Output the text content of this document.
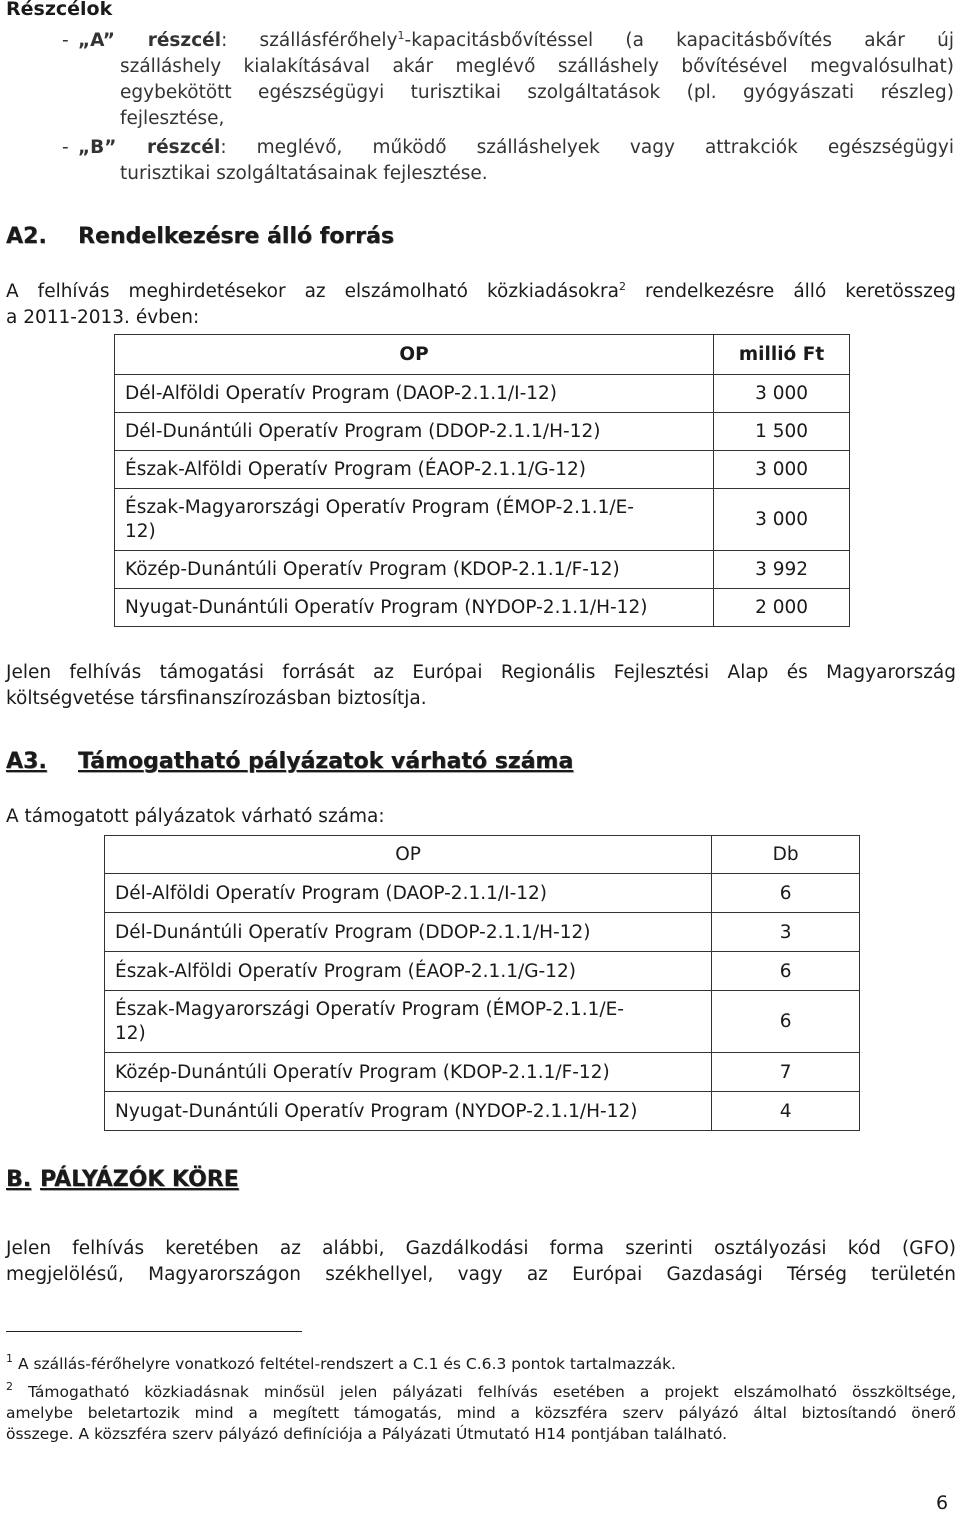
Részcélok
- „A” részcél: szállásférőhely$^1$-kapacitásbővítéssel (a kapacitásbővítés akár új
szálláshely kialakításával akár meglévő szálláshely bővítésével megvalósulhat)
egybekötött egészségügyi turisztikai szolgáltatások (pl. gyógyászati részleg)
fejlesztése,
- „B” részcél: meglévő, működő szálláshelyek vagy attrakciók egészségügyi
turisztikai szolgáltatásainak fejlesztése.
A2. Rendelkezésre álló forrás
A felhívás meghirdetésekor az elszámolható közkiadásokra$^2$ rendelkezésre álló keretösszeg
a 2011-2013. évben:
OP	millió Ft
Dél-Alföldi Operatív Program (DAOP-2.1.1/I-12)	3 000
Dél-Dunántúli Operatív Program (DDOP-2.1.1/H-12)	1 500
Észak-Alföldi Operatív Program (ÉAOP-2.1.1/G-12)	3 000
Észak-Magyarországi Operatív Program (ÉMOP-2.1.1/E-
12)	3 000
Közép-Dunántúli Operatív Program (KDOP-2.1.1/F-12)	3 992
Nyugat-Dunántúli Operatív Program (NYDOP-2.1.1/H-12)	2 000
Jelen felhívás támogatási forrását az Európai Regionális Fejlesztési Alap és Magyarország
költségvetése társfinanszírozásban biztosítja.
A3. Támogatható pályázatok várható száma
A támogatott pályázatok várható száma:
OP	Db
Dél-Alföldi Operatív Program (DAOP-2.1.1/I-12)	6
Dél-Dunántúli Operatív Program (DDOP-2.1.1/H-12)	3
Észak-Alföldi Operatív Program (ÉAOP-2.1.1/G-12)	6
Észak-Magyarországi Operatív Program (ÉMOP-2.1.1/E-
12)	6
Közép-Dunántúli Operatív Program (KDOP-2.1.1/F-12)	7
Nyugat-Dunántúli Operatív Program (NYDOP-2.1.1/H-12)	4
B. PÁLYÁZÓK KÖRE
Jelen felhívás keretében az alábbi, Gazdálkodási forma szerinti osztályozási kód (GFO)
megjelölésű, Magyarországon székhellyel, vagy az Európai Gazdasági Térség területén
$^1$ A szállás-férőhelyre vonatkozó feltétel-rendszert a C.1 és C.6.3 pontok tartalmazzák.
$^2$ Támogatható közkiadásnak minősül jelen pályázati felhívás esetében a projekt elszámolható összköltsége,
amelybe beletartozik mind a megített támogatás, mind a közszféra szerv pályázó által biztosítandó önerő
összege. A közszféra szerv pályázó definíciója a Pályázati Útmutató H14 pontjában található.
6
